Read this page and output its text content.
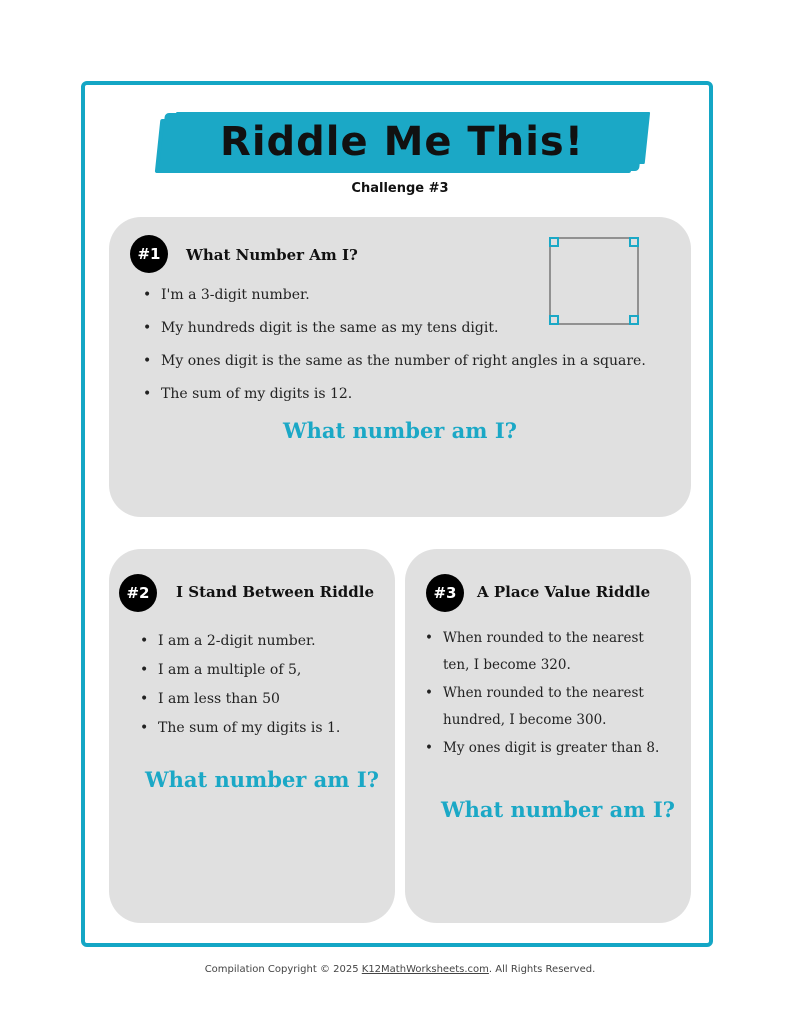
Riddle Me This!
Challenge #3
#1	What Number Am I?
• I'm a 3-digit number.
• My hundreds digit is the same as my tens digit.
• My ones digit is the same as the number of right angles in a square.
• The sum of my digits is 12.
What number am I?
#2	I Stand Between Riddle
• I am a 2-digit number.
• I am a multiple of 5,
• I am less than 50
• The sum of my digits is 1.
What number am I?
#3	A Place Value Riddle
• When rounded to the nearest
ten, I become 320.
• When rounded to the nearest
hundred, I become 300.
• My ones digit is greater than 8.
What number am I?
Compilation Copyright © 2025 K12MathWorksheets.com. All Rights Reserved.
